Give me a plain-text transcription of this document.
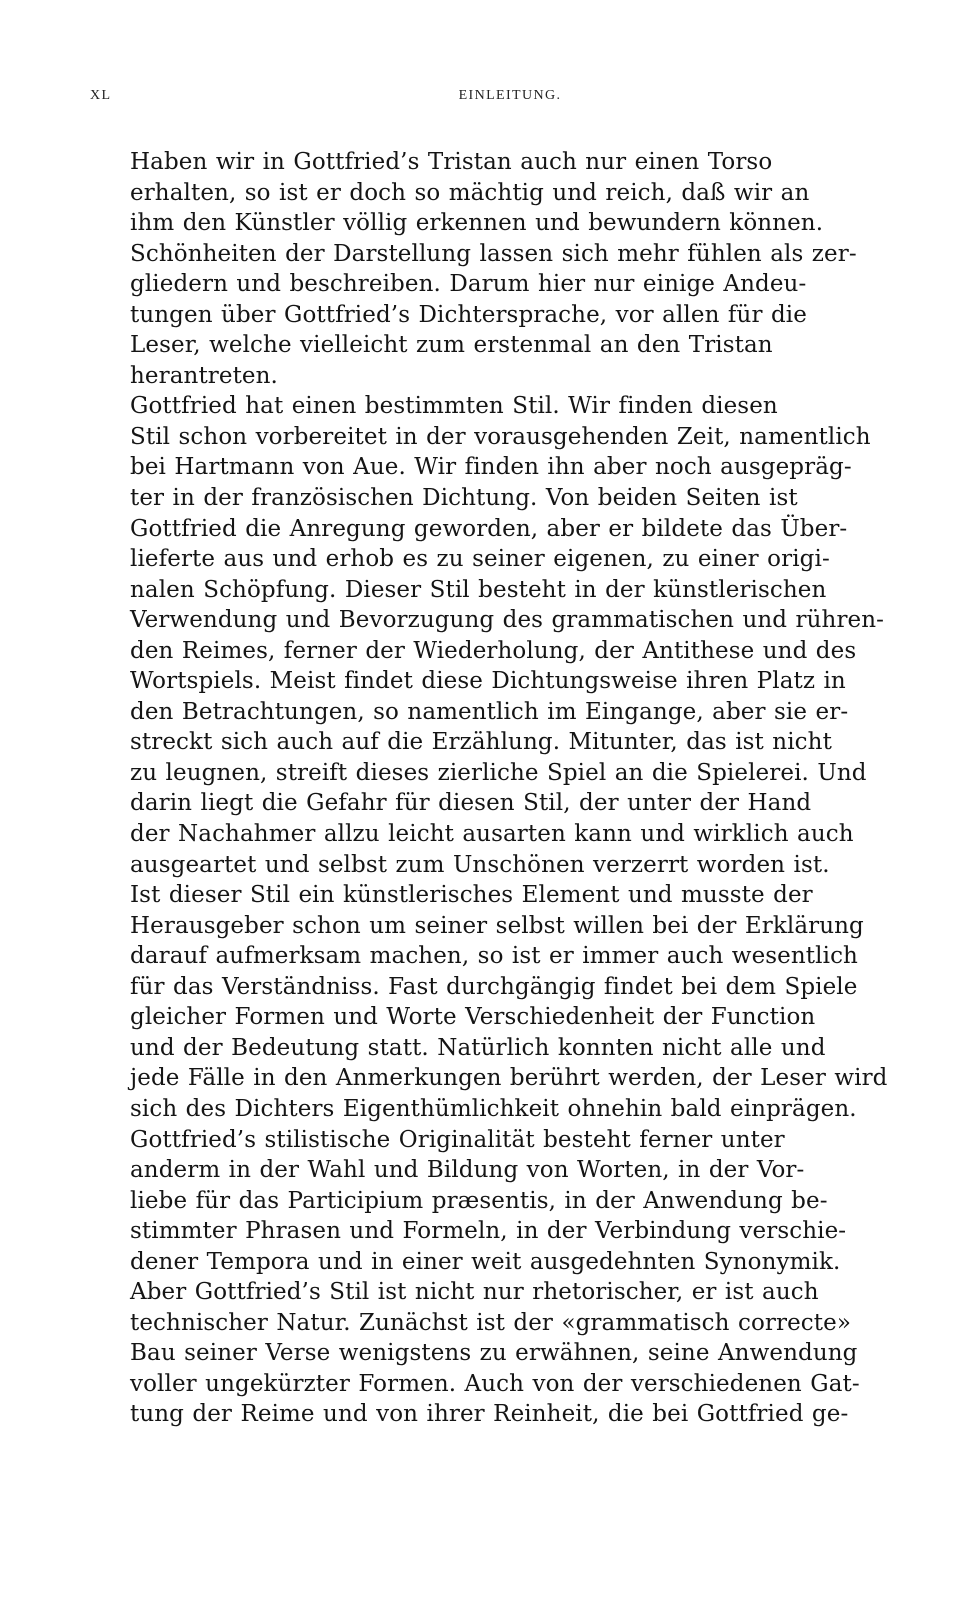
XL	EINLEITUNG.

Haben wir in Gottfried’s Tristan auch nur einen Torso
erhalten, so ist er doch so mächtig und reich, daß wir an
ihm den Künstler völlig erkennen und bewundern können.
Schönheiten der Darstellung lassen sich mehr fühlen als zer-
gliedern und beschreiben. Darum hier nur einige Andeu-
tungen über Gottfried’s Dichtersprache, vor allen für die
Leser, welche vielleicht zum erstenmal an den Tristan
herantreten.

Gottfried hat einen bestimmten Stil. Wir finden diesen
Stil schon vorbereitet in der vorausgehenden Zeit, namentlich
bei Hartmann von Aue. Wir finden ihn aber noch ausgepräg-
ter in der französischen Dichtung. Von beiden Seiten ist
Gottfried die Anregung geworden, aber er bildete das Über-
lieferte aus und erhob es zu seiner eigenen, zu einer origi-
nalen Schöpfung. Dieser Stil besteht in der künstlerischen
Verwendung und Bevorzugung des grammatischen und rühren-
den Reimes, ferner der Wiederholung, der Antithese und des
Wortspiels. Meist findet diese Dichtungsweise ihren Platz in
den Betrachtungen, so namentlich im Eingange, aber sie er-
streckt sich auch auf die Erzählung. Mitunter, das ist nicht
zu leugnen, streift dieses zierliche Spiel an die Spielerei. Und
darin liegt die Gefahr für diesen Stil, der unter der Hand
der Nachahmer allzu leicht ausarten kann und wirklich auch
ausgeartet und selbst zum Unschönen verzerrt worden ist.

Ist dieser Stil ein künstlerisches Element und musste der
Herausgeber schon um seiner selbst willen bei der Erklärung
darauf aufmerksam machen, so ist er immer auch wesentlich
für das Verständniss. Fast durchgängig findet bei dem Spiele
gleicher Formen und Worte Verschiedenheit der Function
und der Bedeutung statt. Natürlich konnten nicht alle und
jede Fälle in den Anmerkungen berührt werden, der Leser wird
sich des Dichters Eigenthümlichkeit ohnehin bald einprägen.

Gottfried’s stilistische Originalität besteht ferner unter
anderm in der Wahl und Bildung von Worten, in der Vor-
liebe für das Participium præsentis, in der Anwendung be-
stimmter Phrasen und Formeln, in der Verbindung verschie-
dener Tempora und in einer weit ausgedehnten Synonymik.

Aber Gottfried’s Stil ist nicht nur rhetorischer, er ist auch
technischer Natur. Zunächst ist der «grammatisch correcte»
Bau seiner Verse wenigstens zu erwähnen, seine Anwendung
voller ungekürzter Formen. Auch von der verschiedenen Gat-
tung der Reime und von ihrer Reinheit, die bei Gottfried ge-
